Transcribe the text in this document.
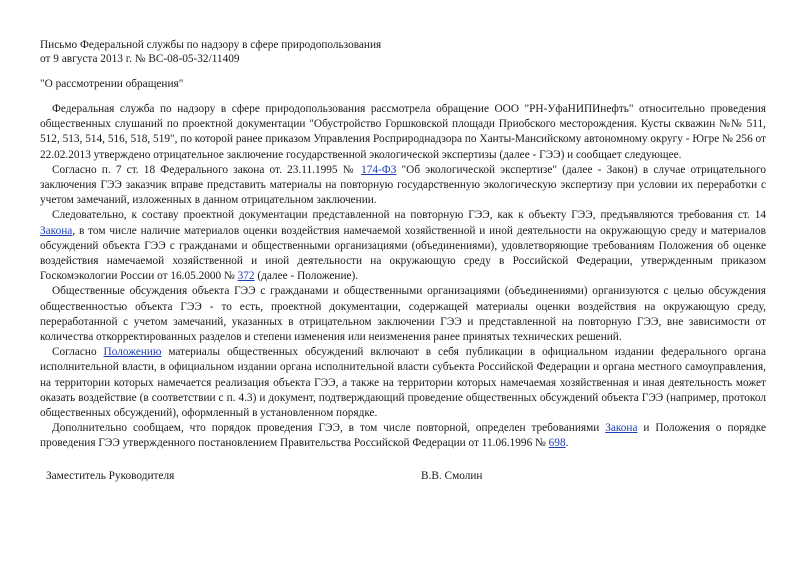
Письмо Федеральной службы по надзору в сфере природопользования
от 9 августа 2013 г. № ВС-08-05-32/11409
"О рассмотрении обращения"

Федеральная служба по надзору в сфере природопользования рассмотрела обращение ООО "РН-УфаНИПИнефть" относительно проведения общественных слушаний по проектной документации "Обустройство Горшковской площади Приобского месторождения. Кусты скважин №№ 511, 512, 513, 514, 516, 518, 519", по которой ранее приказом Управления Росприроднадзора по Ханты-Мансийскому автономному округу - Югре № 256 от 22.02.2013 утверждено отрицательное заключение государственной экологической экспертизы (далее - ГЭЭ) и сообщает следующее.

Согласно п. 7 ст. 18 Федерального закона от. 23.11.1995 № 174-ФЗ "Об экологической экспертизе" (далее - Закон) в случае отрицательного заключения ГЭЭ заказчик вправе представить материалы на повторную государственную экологическую экспертизу при условии их переработки с учетом замечаний, изложенных в данном отрицательном заключении.

Следовательно, к составу проектной документации представленной на повторную ГЭЭ, как к объекту ГЭЭ, предъявляются требования ст. 14 Закона, в том числе наличие материалов оценки воздействия намечаемой хозяйственной и иной деятельности на окружающую среду и материалов обсуждений объекта ГЭЭ с гражданами и общественными организациями (объединениями), удовлетворяющие требованиям Положения об оценке воздействия намечаемой хозяйственной и иной деятельности на окружающую среду в Российской Федерации, утвержденным приказом Госкомэкологии России от 16.05.2000 № 372 (далее - Положение).

Общественные обсуждения объекта ГЭЭ с гражданами и общественными организациями (объединениями) организуются с целью обсуждения общественностью объекта ГЭЭ - то есть, проектной документации, содержащей материалы оценки воздействия на окружающую среду, переработанной с учетом замечаний, указанных в отрицательном заключении ГЭЭ и представленной на повторную ГЭЭ, вне зависимости от количества откорректированных разделов и степени изменения или неизменения ранее принятых технических решений.

Согласно Положению материалы общественных обсуждений включают в себя публикации в официальном издании федерального органа исполнительной власти, в официальном издании органа исполнительной власти субъекта Российской Федерации и органа местного самоуправления, на территории которых намечается реализация объекта ГЭЭ, а также на территории которых намечаемая хозяйственная и иная деятельность может оказать воздействие (в соответствии с п. 4.3) и документ, подтверждающий проведение общественных обсуждений объекта ГЭЭ (например, протокол общественных обсуждений), оформленный в установленном порядке.

Дополнительно сообщаем, что порядок проведения ГЭЭ, в том числе повторной, определен требованиями Закона и Положения о порядке проведения ГЭЭ утвержденного постановлением Правительства Российской Федерации от 11.06.1996 № 698.

Заместитель Руководителя	В.В. Смолин
